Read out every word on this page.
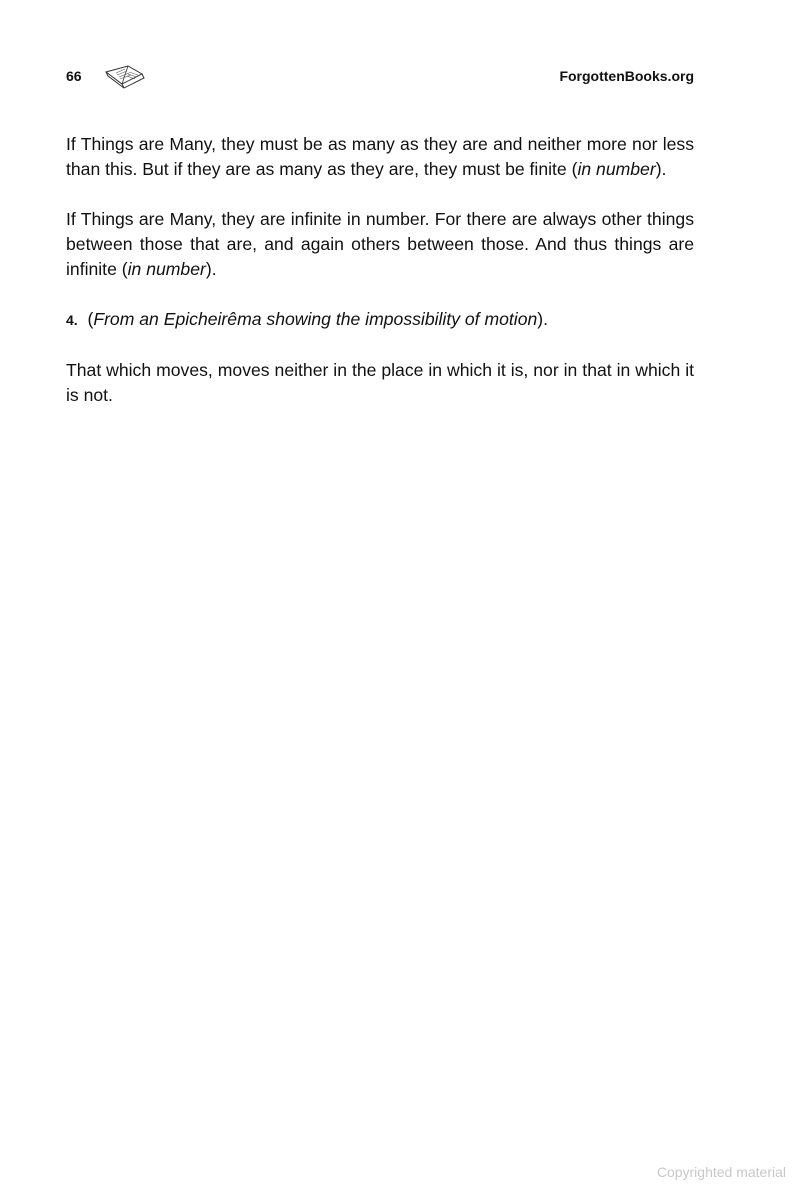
66	ForgottenBooks.org

If Things are Many, they must be as many as they are and neither more nor less than this. But if they are as many as they are, they must be finite (in number).

If Things are Many, they are infinite in number. For there are always other things between those that are, and again others between those. And thus things are infinite (in number).

4. (From an Epicheirêma showing the impossibility of motion).

That which moves, moves neither in the place in which it is, nor in that in which it is not.

Copyrighted material
